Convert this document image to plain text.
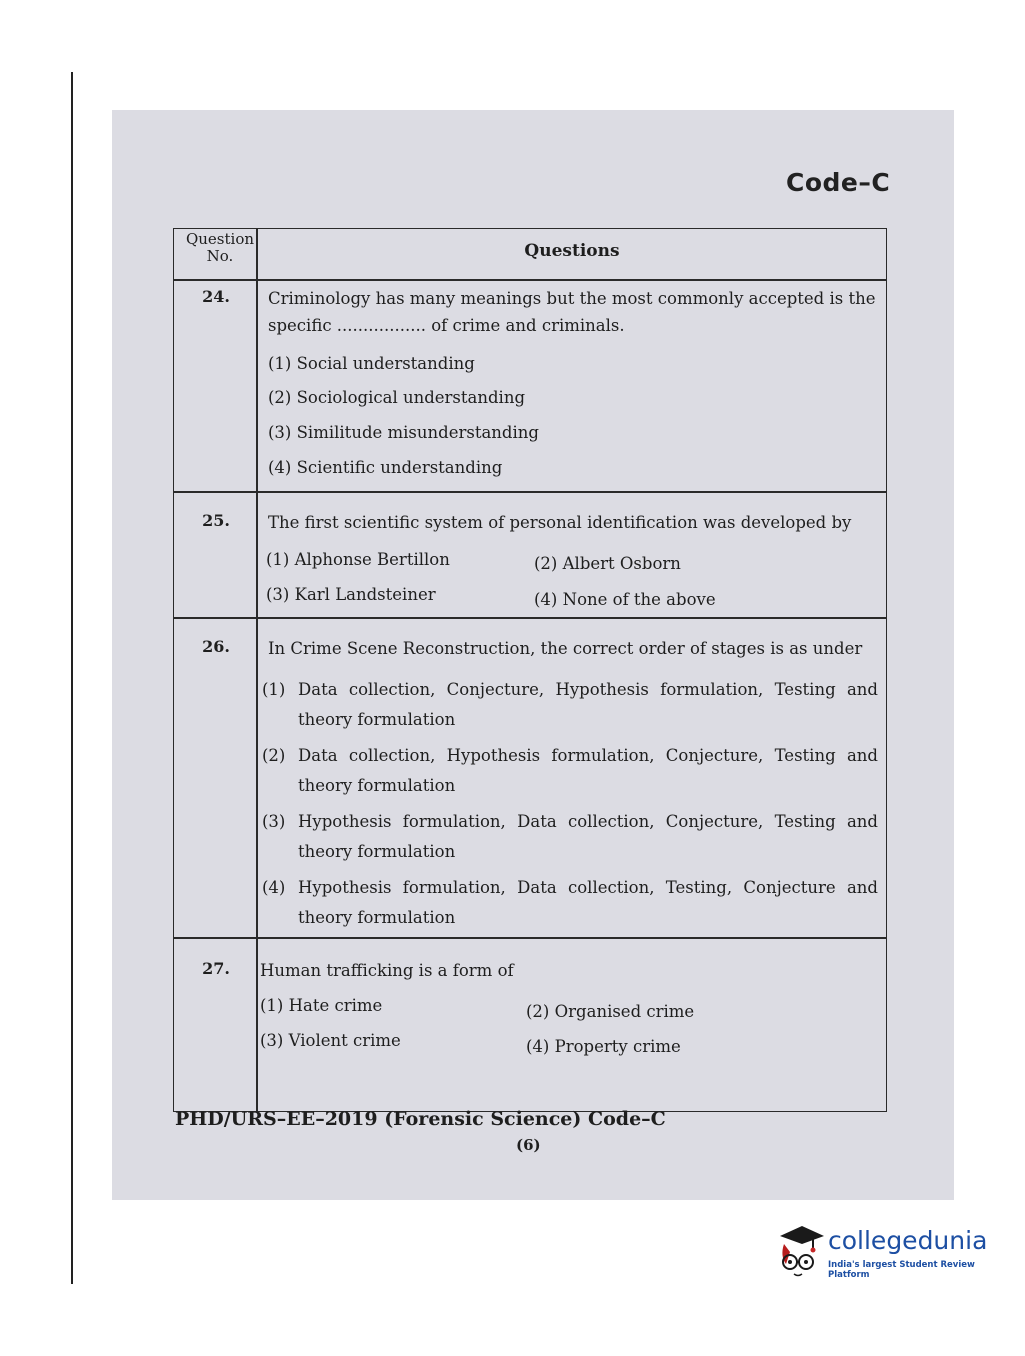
Code–C
Question No.	Questions
24.	Criminology has many meanings but the most commonly accepted is the specific ................. of crime and criminals.
(1) Social understanding
(2) Sociological understanding
(3) Similitude misunderstanding
(4) Scientific understanding
25.	The first scientific system of personal identification was developed by
(1) Alphonse Bertillon	(2) Albert Osborn
(3) Karl Landsteiner	(4) None of the above
26.	In Crime Scene Reconstruction, the correct order of stages is as under
(1) Data collection, Conjecture, Hypothesis formulation, Testing and theory formulation
(2) Data collection, Hypothesis formulation, Conjecture, Testing and theory formulation
(3) Hypothesis formulation, Data collection, Conjecture, Testing and theory formulation
(4) Hypothesis formulation, Data collection, Testing, Conjecture and theory formulation
27.	Human trafficking is a form of
(1) Hate crime	(2) Organised crime
(3) Violent crime	(4) Property crime
PHD/URS–EE–2019 (Forensic Science) Code–C
(6)
collegedunia
India's largest Student Review Platform
